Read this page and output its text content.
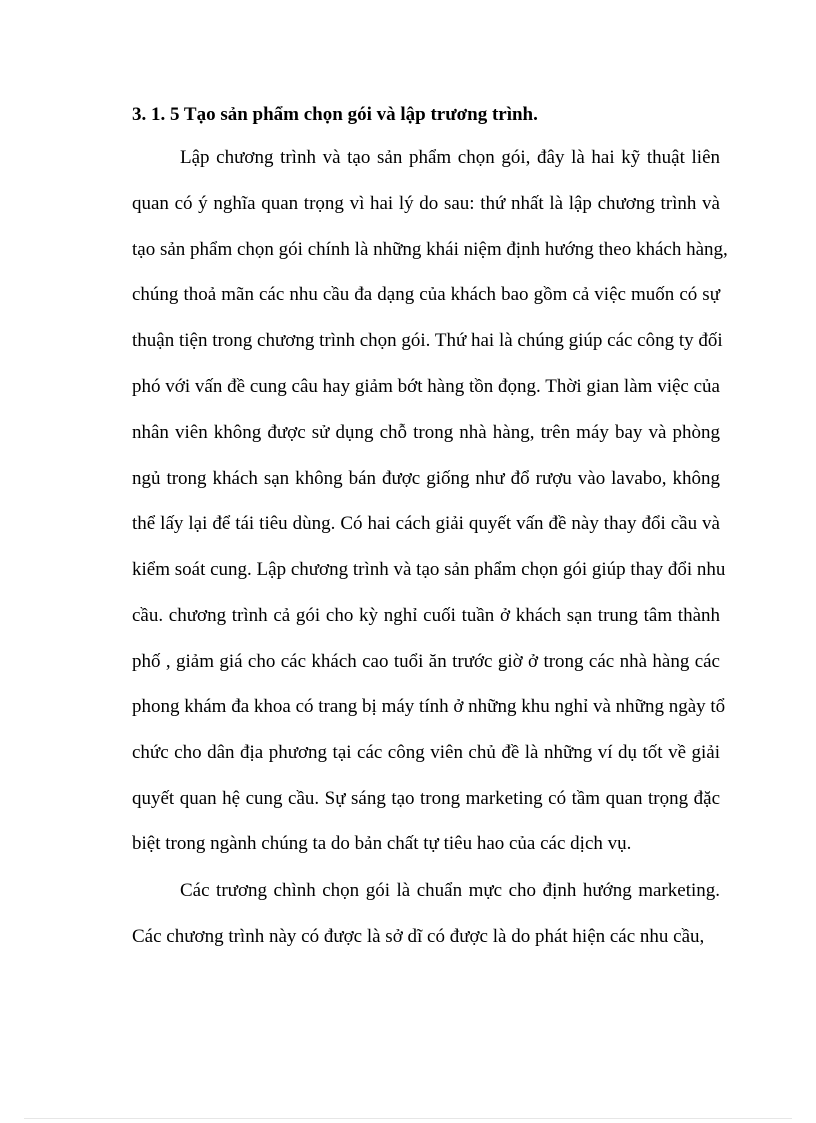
3. 1. 5 Tạo sản phẩm chọn gói và lập trương trình.

Lập chương trình và tạo sản phẩm chọn gói, đây là hai kỹ thuật liên

quan có ý nghĩa quan trọng vì hai lý do sau: thứ nhất là lập chương trình và

tạo sản phẩm chọn gói chính là những khái niệm định hướng theo khách hàng,

chúng thoả mãn các nhu cầu đa dạng của khách bao gồm cả việc muốn có sự

thuận tiện trong chương trình chọn gói. Thứ hai là chúng giúp các công ty đối

phó với vấn đề cung câu hay giảm bớt hàng tồn đọng. Thời gian làm việc của

nhân viên không được sử dụng chỗ trong nhà hàng, trên máy bay và phòng

ngủ trong khách sạn không bán được giống như đổ rượu vào lavabo, không

thể lấy lại để tái tiêu dùng. Có hai cách giải quyết vấn đề này thay đổi cầu và

kiểm soát cung. Lập chương trình và tạo sản phẩm chọn gói giúp thay đổi nhu

cầu. chương trình cả gói cho kỳ nghỉ cuối tuần ở khách sạn trung tâm thành

phố , giảm giá cho các khách cao tuổi ăn trước giờ ở trong các nhà hàng các

phong khám đa khoa có trang bị máy tính ở những khu nghỉ và những ngày tổ

chức cho dân địa phương tại các công viên chủ đề là những ví dụ tốt về giải

quyết quan hệ cung cầu. Sự sáng tạo trong marketing có tầm quan trọng đặc

biệt trong ngành chúng ta do bản chất tự tiêu hao của các dịch vụ.

Các trương chình chọn gói là chuẩn mực cho định hướng marketing.

Các chương trình này có được là sở dĩ có được là do phát hiện các nhu cầu,
